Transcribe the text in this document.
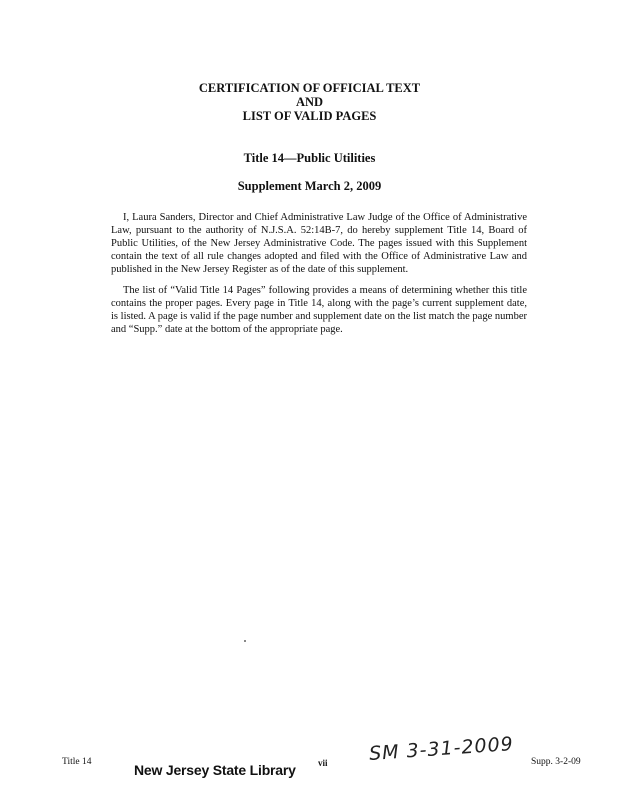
CERTIFICATION OF OFFICIAL TEXT
AND
LIST OF VALID PAGES
Title 14—Public Utilities
Supplement March 2, 2009

I, Laura Sanders, Director and Chief Administrative Law Judge of the Office of Administrative Law, pursuant to the authority of N.J.S.A. 52:14B-7, do hereby supplement Title 14, Board of Public Utilities, of the New Jersey Administrative Code. The pages issued with this Supplement contain the text of all rule changes adopted and filed with the Office of Administrative Law and published in the New Jersey Register as of the date of this supplement.

The list of “Valid Title 14 Pages” following provides a means of determining whether this title contains the proper pages. Every page in Title 14, along with the page’s current supplement date, is listed. A page is valid if the page number and supplement date on the list match the page number and “Supp.” date at the bottom of the appropriate page.

Title 14	New Jersey State Library vii SM 3-31-2009 Supp. 3-2-09
